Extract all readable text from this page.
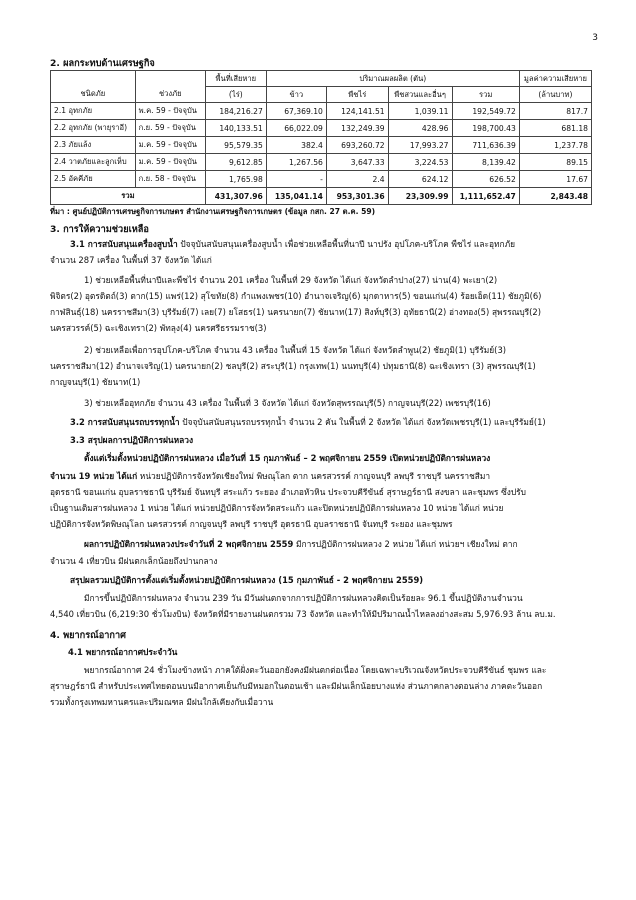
3
2. ผลกระทบด้านเศรษฐกิจ
		พื้นที่เสียหาย	ปริมาณผลผลิต (ตัน)				มูลค่าความเสียหาย
ชนิดภัย	ช่วงภัย	(ไร่)	ข้าว	พืชไร่	พืชสวนและอื่นๆ	รวม	(ล้านบาท)
2.1 อุทกภัย	พ.ค. 59 - ปัจจุบัน	184,216.27	67,369.10	124,141.51	1,039.11	192,549.72	817.7
2.2 อุทกภัย (พายุราอี)	ก.ย. 59 - ปัจจุบัน	140,133.51	66,022.09	132,249.39	428.96	198,700.43	681.18
2.3 ภัยแล้ง	ม.ค. 59 - ปัจจุบัน	95,579.35	382.4	693,260.72	17,993.27	711,636.39	1,237.78
2.4 วาตภัยและลูกเห็บ	ม.ค. 59 - ปัจจุบัน	9,612.85	1,267.56	3,647.33	3,224.53	8,139.42	89.15
2.5 อัคคีภัย	ก.ย. 58 - ปัจจุบัน	1,765.98	-	2.4	624.12	626.52	17.67
รวม		431,307.96	135,041.14	953,301.36	23,309.99	1,111,652.47	2,843.48
ที่มา : ศูนย์ปฏิบัติการเศรษฐกิจการเกษตร สำนักงานเศรษฐกิจการเกษตร (ข้อมูล กสก. 27 ต.ค. 59)
3. การให้ความช่วยเหลือ
3.1 การสนับสนุนเครื่องสูบน้ำ ปัจจุบันสนับสนุนเครื่องสูบน้ำ เพื่อช่วยเหลือพื้นที่นาปี นาปรัง อุปโภค-บริโภค พืชไร่ และอุทกภัย
จำนวน 287 เครื่อง ในพื้นที่ 37 จังหวัด ได้แก่
1) ช่วยเหลือพื้นที่นาปีและพืชไร่ จำนวน 201 เครื่อง ในพื้นที่ 29 จังหวัด ได้แก่ จังหวัดลำปาง(27) น่าน(4) พะเยา(2)
พิจิตร(2) อุตรดิตถ์(3) ตาก(15) แพร่(12) สุโขทัย(8) กำแพงเพชร(10) อำนาจเจริญ(6) มุกดาหาร(5) ขอนแก่น(4) ร้อยเอ็ด(11) ชัยภูมิ(6)
กาฬสินธุ์(18) นครราชสีมา(3) บุรีรัมย์(7) เลย(7) ยโสธร(1) นครนายก(7) ชัยนาท(17) สิงห์บุรี(3) อุทัยธานี(2) อ่างทอง(5) สุพรรณบุรี(2)
นครสวรรค์(5) ฉะเชิงเทรา(2) พัทลุง(4) นครศรีธรรมราช(3)
2) ช่วยเหลือเพื่อการอุปโภค-บริโภค จำนวน 43 เครื่อง ในพื้นที่ 15 จังหวัด ได้แก่ จังหวัดลำพูน(2) ชัยภูมิ(1) บุรีรัมย์(3)
นครราชสีมา(12) อำนาจเจริญ(1) นครนายก(2) ชลบุรี(2) สระบุรี(1) กรุงเทพ(1) นนทบุรี(4) ปทุมธานี(8) ฉะเชิงเทรา (3) สุพรรณบุรี(1)
กาญจนบุรี(1) ชัยนาท(1)
3) ช่วยเหลืออุทกภัย จำนวน 43 เครื่อง ในพื้นที่ 3 จังหวัด ได้แก่ จังหวัดสุพรรณบุรี(5) กาญจนบุรี(22) เพชรบุรี(16)
3.2 การสนับสนุนรถบรรทุกน้ำ ปัจจุบันสนับสนุนรถบรรทุกน้ำ จำนวน 2 คัน ในพื้นที่ 2 จังหวัด ได้แก่ จังหวัดเพชรบุรี(1) และบุรีรัมย์(1)
3.3 สรุปผลการปฏิบัติการฝนหลวง
ตั้งแต่เริ่มตั้งหน่วยปฏิบัติการฝนหลวง เมื่อวันที่ 15 กุมภาพันธ์ – 2 พฤศจิกายน 2559 เปิดหน่วยปฏิบัติการฝนหลวง
จำนวน 19 หน่วย ได้แก่ หน่วยปฏิบัติการจังหวัดเชียงใหม่ พิษณุโลก ตาก นครสวรรค์ กาญจนบุรี ลพบุรี ราชบุรี นครราชสีมา
อุดรธานี ขอนแก่น อุบลราชธานี บุรีรัมย์ จันทบุรี สระแก้ว ระยอง อำเภอหัวหิน ประจวบคีรีขันธ์ สุราษฎร์ธานี สงขลา และชุมพร ซึ่งปรับ
เป็นฐานเติมสารฝนหลวง 1 หน่วย ได้แก่ หน่วยปฏิบัติการจังหวัดสระแก้ว และปิดหน่วยปฏิบัติการฝนหลวง 10 หน่วย ได้แก่ หน่วย
ปฏิบัติการจังหวัดพิษณุโลก นครสวรรค์ กาญจนบุรี ลพบุรี ราชบุรี อุดรธานี อุบลราชธานี จันทบุรี ระยอง และชุมพร
ผลการปฏิบัติการฝนหลวงประจำวันที่ 2 พฤศจิกายน 2559 มีการปฏิบัติการฝนหลวง 2 หน่วย ได้แก่ หน่วยฯ เชียงใหม่ ตาก
จำนวน 4 เที่ยวบิน มีฝนตกเล็กน้อยถึงปานกลาง
สรุปผลรวมปฏิบัติการตั้งแต่เริ่มตั้งหน่วยปฏิบัติการฝนหลวง (15 กุมภาพันธ์ - 2 พฤศจิกายน 2559)
มีการขึ้นปฏิบัติการฝนหลวง จำนวน 239 วัน มีวันฝนตกจากการปฏิบัติการฝนหลวงคิดเป็นร้อยละ 96.1 ขึ้นปฏิบัติงานจำนวน
4,540 เที่ยวบิน (6,219:30 ชั่วโมงบิน) จังหวัดที่มีรายงานฝนตกรวม 73 จังหวัด และทำให้มีปริมาณน้ำไหลลงอ่างสะสม 5,976.93 ล้าน ลบ.ม.
4. พยากรณ์อากาศ
4.1 พยากรณ์อากาศประจำวัน
พยากรณ์อากาศ 24 ชั่วโมงข้างหน้า ภาคใต้ฝั่งตะวันออกยังคงมีฝนตกต่อเนื่อง โดยเฉพาะบริเวณจังหวัดประจวบคีรีขันธ์ ชุมพร และ
สุราษฎร์ธานี สำหรับประเทศไทยตอนบนมีอากาศเย็นกับมีหมอกในตอนเช้า และมีฝนเล็กน้อยบางแห่ง ส่วนภาคกลางตอนล่าง ภาคตะวันออก
รวมทั้งกรุงเทพมหานครและปริมณฑล มีฝนใกล้เคียงกับเมื่อวาน
